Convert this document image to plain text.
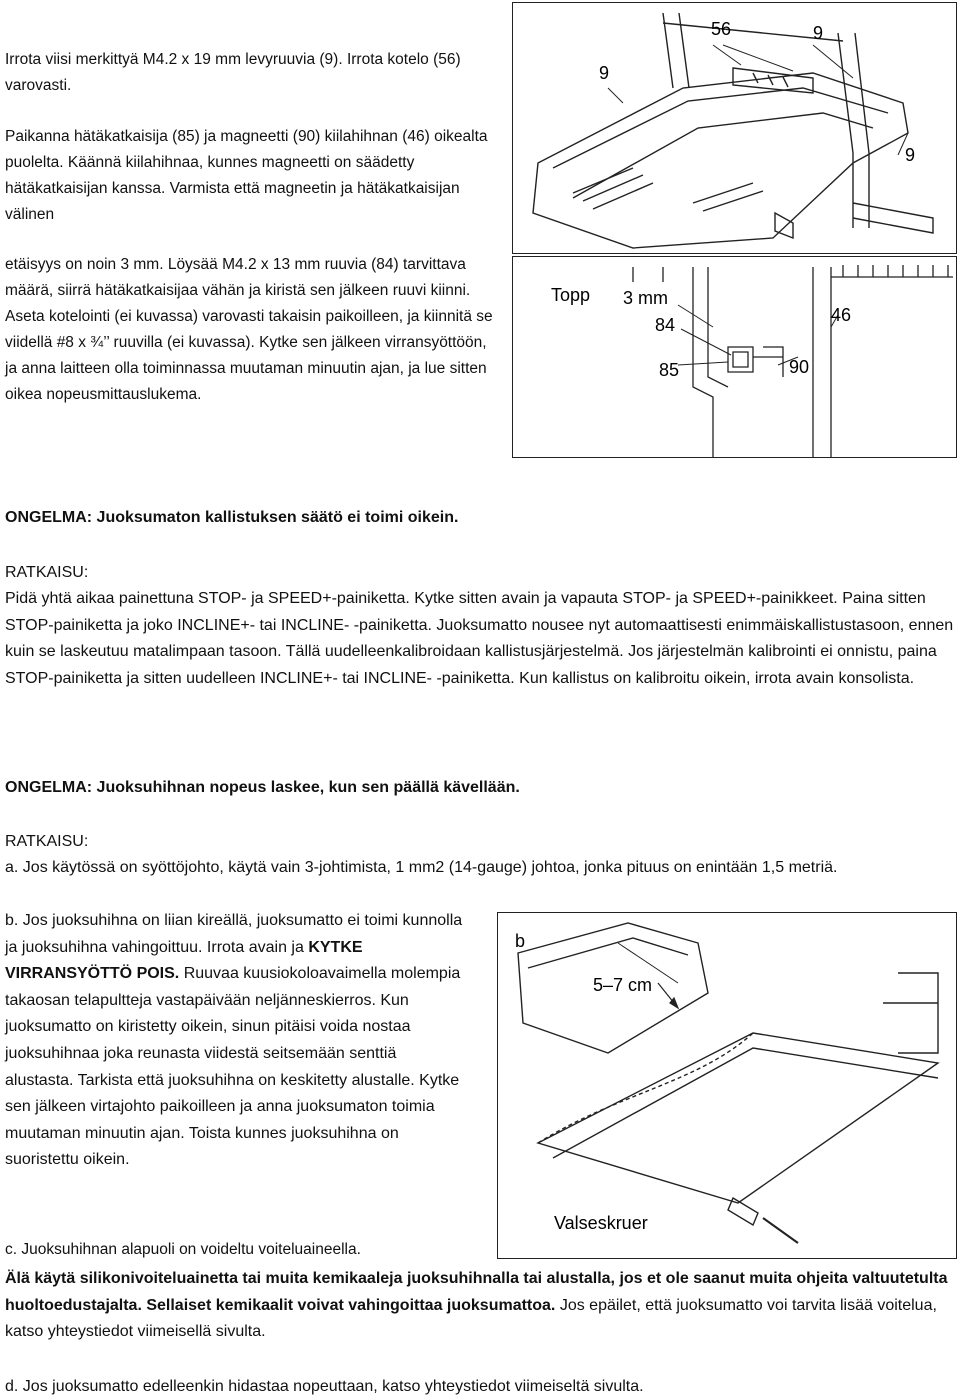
Irrota viisi merkittyä M4.2 x 19 mm levyruuvia (9). Irrota kotelo (56) varovasti.
Paikanna hätäkatkaisija (85) ja magneetti (90) kiilahihnan (46) oikealta puolelta. Käännä kiilahihnaa, kunnes magneetti on säädetty hätäkatkaisijan kanssa. Varmista että magneetin ja hätäkatkaisijan välinen
etäisyys on noin 3 mm. Löysää M4.2 x 13 mm ruuvia (84) tarvittava määrä, siirrä hätäkatkaisijaa vähän ja kiristä sen jälkeen ruuvi kiinni. Aseta kotelointi (ei kuvassa) varovasti takaisin paikoilleen, ja kiinnitä se viidellä #8 x ¾’’ ruuvilla (ei kuvassa). Kytke sen jälkeen virransyöttöön, ja anna laitteen olla toiminnassa muutaman minuutin ajan, ja lue sitten oikea nopeusmittauslukema.
56	9
9
9
Topp 3 mm
84	46
85	90
ONGELMA: Juoksumaton kallistuksen säätö ei toimi oikein.
RATKAISU:
Pidä yhtä aikaa painettuna STOP- ja SPEED+-painiketta. Kytke sitten avain ja vapauta STOP- ja SPEED+-painikkeet. Paina sitten STOP-painiketta ja joko INCLINE+- tai INCLINE- -painiketta. Juoksumatto nousee nyt automaattisesti enimmäiskallistustasoon, ennen kuin se laskeutuu matalimpaan tasoon. Tällä uudelleenkalibroidaan kallistusjärjestelmä. Jos järjestelmän kalibrointi ei onnistu, paina STOP-painiketta ja sitten uudelleen INCLINE+- tai INCLINE- -painiketta. Kun kallistus on kalibroitu oikein, irrota avain konsolista.
ONGELMA: Juoksuhihnan nopeus laskee, kun sen päällä kävellään.
RATKAISU:
a. Jos käytössä on syöttöjohto, käytä vain 3-johtimista, 1 mm2 (14-gauge) johtoa, jonka pituus on enintään 1,5 metriä.
b. Jos juoksuhihna on liian kireällä, juoksumatto ei toimi kunnolla ja juoksuhihna vahingoittuu. Irrota avain ja KYTKE VIRRANSYÖTTÖ POIS. Ruuvaa kuusiokoloavaimella molempia takaosan telapultteja vastapäivään neljänneskierros. Kun juoksumatto on kiristetty oikein, sinun pitäisi voida nostaa juoksuhihnaa joka reunasta viidestä seitsemään senttiä alustasta. Tarkista että juoksuhihna on keskitetty alustalle. Kytke sen jälkeen virtajohto paikoilleen ja anna juoksumaton toimia muutaman minuutin ajan. Toista kunnes juoksuhihna on suoristettu oikein.
b
5–7 cm
Valseskruer
c. Juoksuhihnan alapuoli on voideltu voiteluaineella.
Älä käytä silikonivoiteluainetta tai muita kemikaaleja juoksuhihnalla tai alustalla, jos et ole saanut muita ohjeita valtuutetulta huoltoedustajalta. Sellaiset kemikaalit voivat vahingoittaa juoksumattoa. Jos epäilet, että juoksumatto voi tarvita lisää voitelua, katso yhteystiedot viimeisellä sivulta.
d. Jos juoksumatto edelleenkin hidastaa nopeuttaan, katso yhteystiedot viimeiseltä sivulta.
